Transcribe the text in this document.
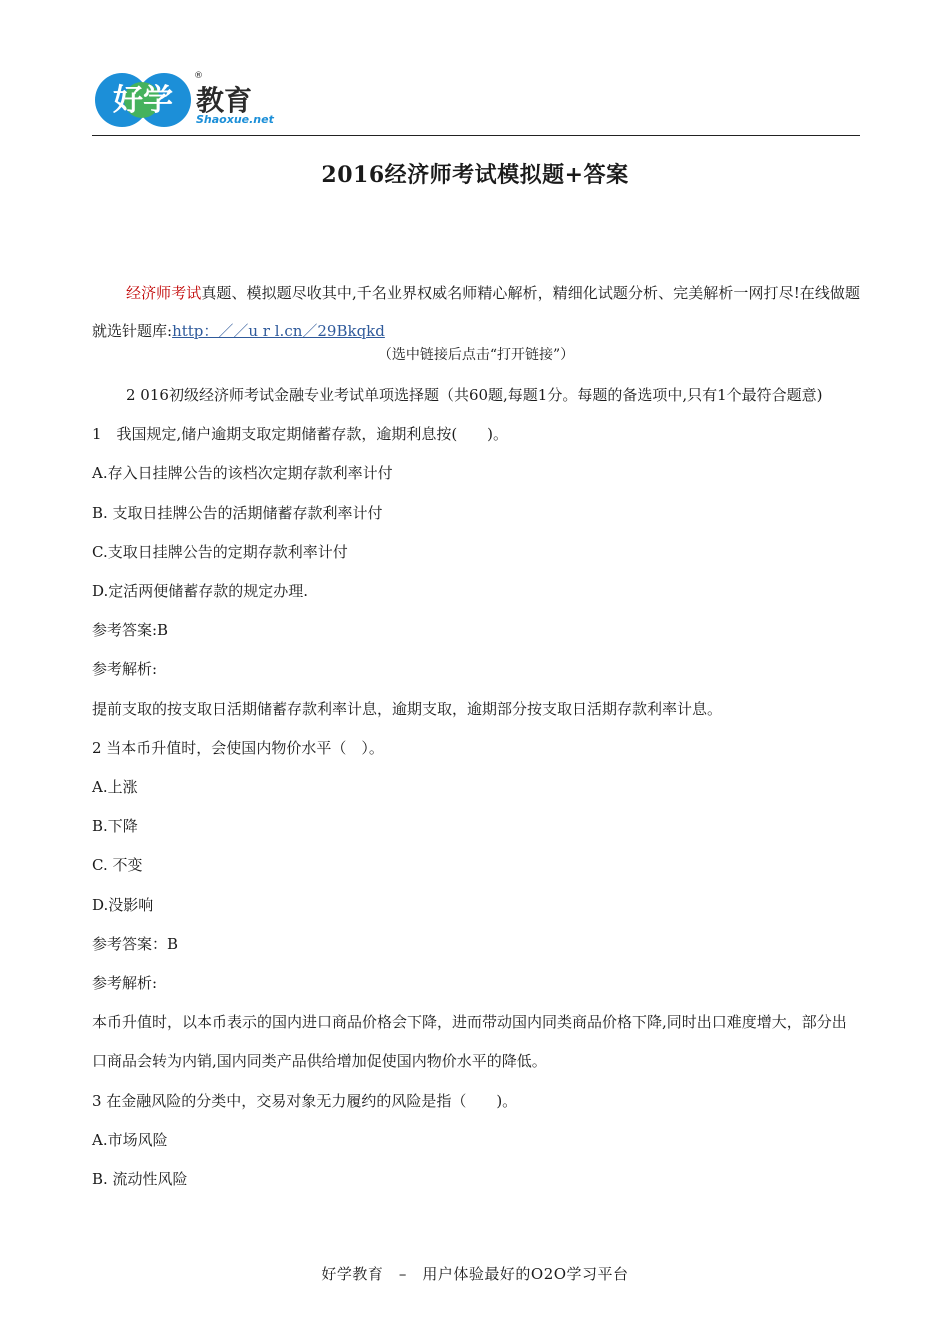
好学 教育
®
Shaoxue.net
2016经济师考试模拟题+答案
经济师考试真题、模拟题尽收其中,千名业界权威名师精心解析，精细化试题分析、完美解析一网打尽!在线做题就选针题库:http：／／u r l.cn／29Bkqkd
（选中链接后点击“打开链接”）

2 016初级经济师考试金融专业考试单项选择题（共60题,每题1分。每题的备选项中,只有1个最符合题意)

1　我国规定,储户逾期支取定期储蓄存款，逾期利息按(　　)。

A.存入日挂牌公告的该档次定期存款利率计付

B. 支取日挂牌公告的活期储蓄存款利率计付

C.支取日挂牌公告的定期存款利率计付

D.定活两便储蓄存款的规定办理.

参考答案:B

参考解析:

提前支取的按支取日活期储蓄存款利率计息，逾期支取，逾期部分按支取日活期存款利率计息。

2 当本币升值时，会使国内物价水平（　）。

A.上涨

B.下降

C. 不变

D.没影响

参考答案：B

参考解析:

本币升值时，以本币表示的国内进口商品价格会下降，进而带动国内同类商品价格下降,同时出口难度增大，部分出口商品会转为内销,国内同类产品供给增加促使国内物价水平的降低。

3 在金融风险的分类中，交易对象无力履约的风险是指（　　)。

A.市场风险

B. 流动性风险

好学教育　–　用户体验最好的O2O学习平台
